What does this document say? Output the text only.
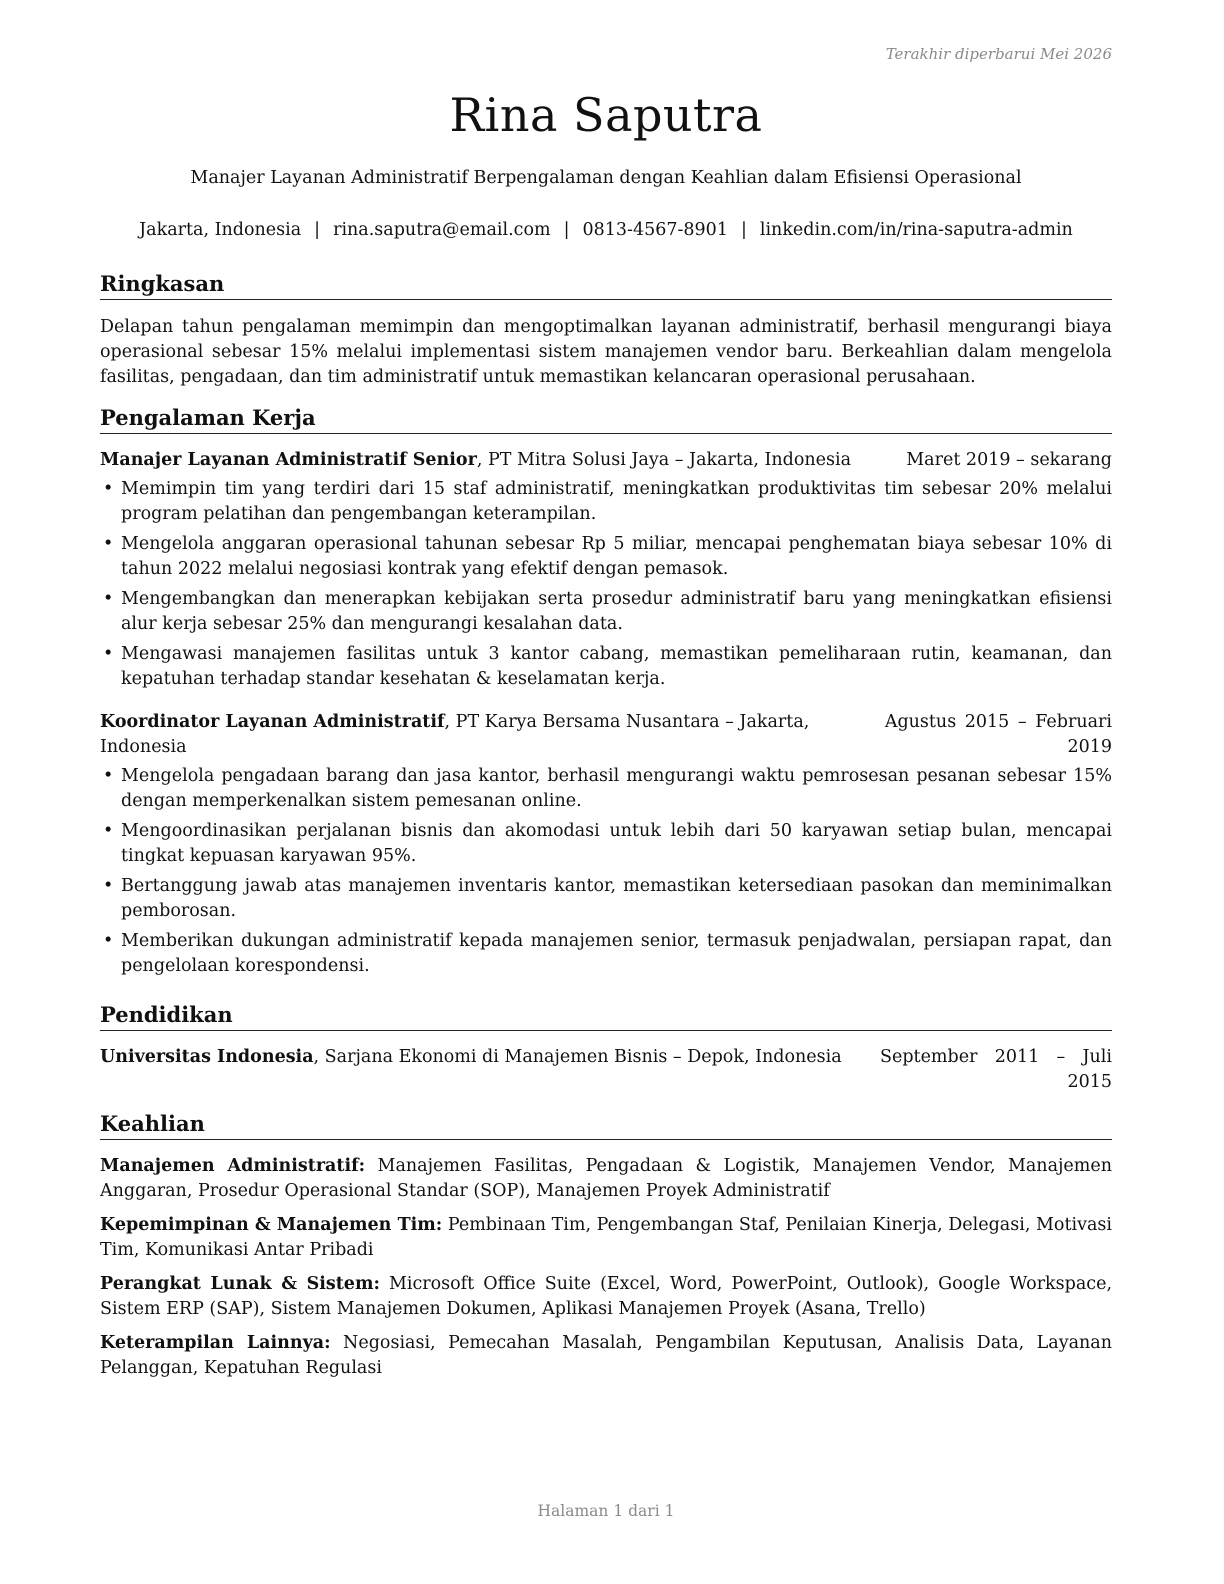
Terakhir diperbarui Mei 2026
Rina Saputra
Manajer Layanan Administratif Berpengalaman dengan Keahlian dalam Efisiensi Operasional
Jakarta, Indonesia | rina.saputra@email.com | 0813-4567-8901 | linkedin.com/in/rina-saputra-admin
Ringkasan

Delapan tahun pengalaman memimpin dan mengoptimalkan layanan administratif, berhasil mengurangi biaya operasional sebesar 15% melalui implementasi sistem manajemen vendor baru. Berkeahlian dalam mengelola fasilitas, pengadaan, dan tim administratif untuk memastikan kelancaran operasional perusahaan.

Pengalaman Kerja
Manajer Layanan Administratif Senior, PT Mitra Solusi Jaya – Jakarta, Indonesia	Maret 2019 – sekarang
• Memimpin tim yang terdiri dari 15 staf administratif, meningkatkan produktivitas tim sebesar 20% melalui program pelatihan dan pengembangan keterampilan.
• Mengelola anggaran operasional tahunan sebesar Rp 5 miliar, mencapai penghematan biaya sebesar 10% di tahun 2022 melalui negosiasi kontrak yang efektif dengan pemasok.
• Mengembangkan dan menerapkan kebijakan serta prosedur administratif baru yang meningkatkan efisiensi alur kerja sebesar 25% dan mengurangi kesalahan data.
• Mengawasi manajemen fasilitas untuk 3 kantor cabang, memastikan pemeliharaan rutin, keamanan, dan kepatuhan terhadap standar kesehatan & keselamatan kerja.
Koordinator Layanan Administratif, PT Karya Bersama Nusantara – Jakarta, Indonesia
Agustus 2015 – Februari 2019
• Mengelola pengadaan barang dan jasa kantor, berhasil mengurangi waktu pemrosesan pesanan sebesar 15% dengan memperkenalkan sistem pemesanan online.
• Mengoordinasikan perjalanan bisnis dan akomodasi untuk lebih dari 50 karyawan setiap bulan, mencapai tingkat kepuasan karyawan 95%.
• Bertanggung jawab atas manajemen inventaris kantor, memastikan ketersediaan pasokan dan meminimalkan pemborosan.
• Memberikan dukungan administratif kepada manajemen senior, termasuk penjadwalan, persiapan rapat, dan pengelolaan korespondensi.
Pendidikan
Universitas Indonesia, Sarjana Ekonomi di Manajemen Bisnis – Depok, Indonesia September 2011 – Juli 2015
Keahlian

Manajemen Administratif: Manajemen Fasilitas, Pengadaan & Logistik, Manajemen Vendor, Manajemen Anggaran, Prosedur Operasional Standar (SOP), Manajemen Proyek Administratif

Kepemimpinan & Manajemen Tim: Pembinaan Tim, Pengembangan Staf, Penilaian Kinerja, Delegasi, Motivasi Tim, Komunikasi Antar Pribadi

Perangkat Lunak & Sistem: Microsoft Office Suite (Excel, Word, PowerPoint, Outlook), Google Workspace, Sistem ERP (SAP), Sistem Manajemen Dokumen, Aplikasi Manajemen Proyek (Asana, Trello)

Keterampilan Lainnya: Negosiasi, Pemecahan Masalah, Pengambilan Keputusan, Analisis Data, Layanan Pelanggan, Kepatuhan Regulasi

Halaman 1 dari 1
